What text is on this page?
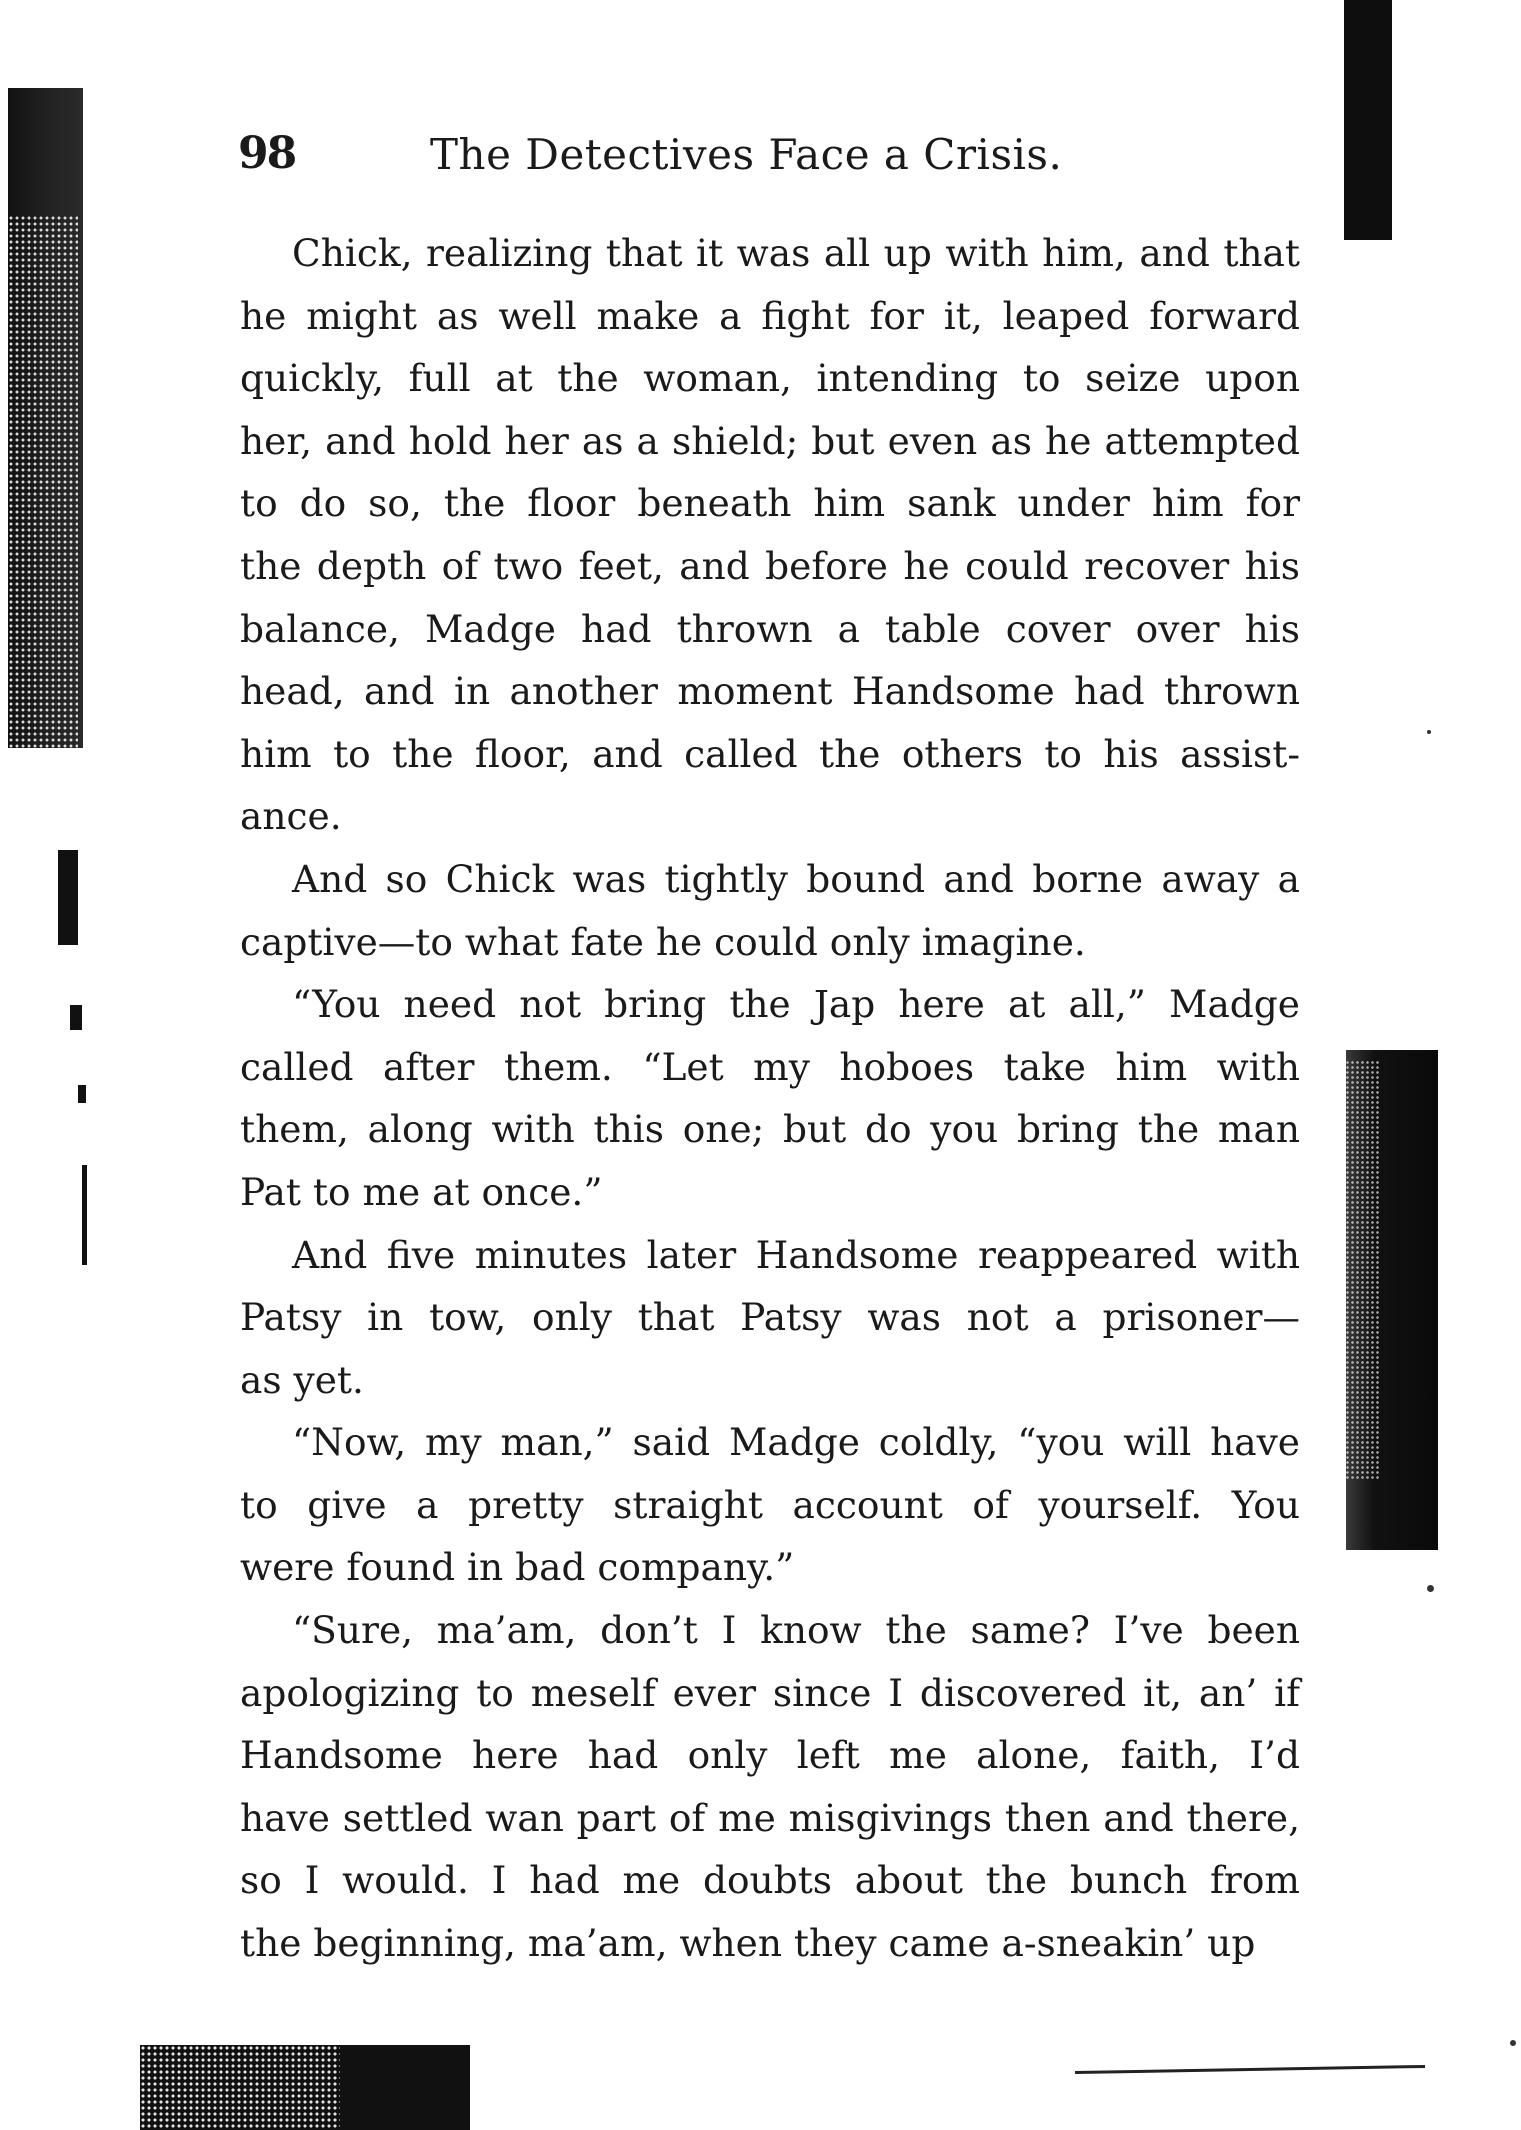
98	The Detectives Face a Crisis.
Chick, realizing that it was all up with him, and that
he might as well make a fight for it, leaped forward
quickly, full at the woman, intending to seize upon
her, and hold her as a shield; but even as he attempted
to do so, the floor beneath him sank under him for
the depth of two feet, and before he could recover his
balance, Madge had thrown a table cover over his
head, and in another moment Handsome had thrown
him to the floor, and called the others to his assist-
ance.
And so Chick was tightly bound and borne away a
captive—to what fate he could only imagine.
“You need not bring the Jap here at all,” Madge
called after them. “Let my hoboes take him with
them, along with this one; but do you bring the man
Pat to me at once.”
And five minutes later Handsome reappeared with
Patsy in tow, only that Patsy was not a prisoner—
as yet.
“Now, my man,” said Madge coldly, “you will have
to give a pretty straight account of yourself. You
were found in bad company.”
“Sure, ma’am, don’t I know the same? I’ve been
apologizing to meself ever since I discovered it, an’ if
Handsome here had only left me alone, faith, I’d
have settled wan part of me misgivings then and there,
so I would. I had me doubts about the bunch from
the beginning, ma’am, when they came a-sneakin’ up
